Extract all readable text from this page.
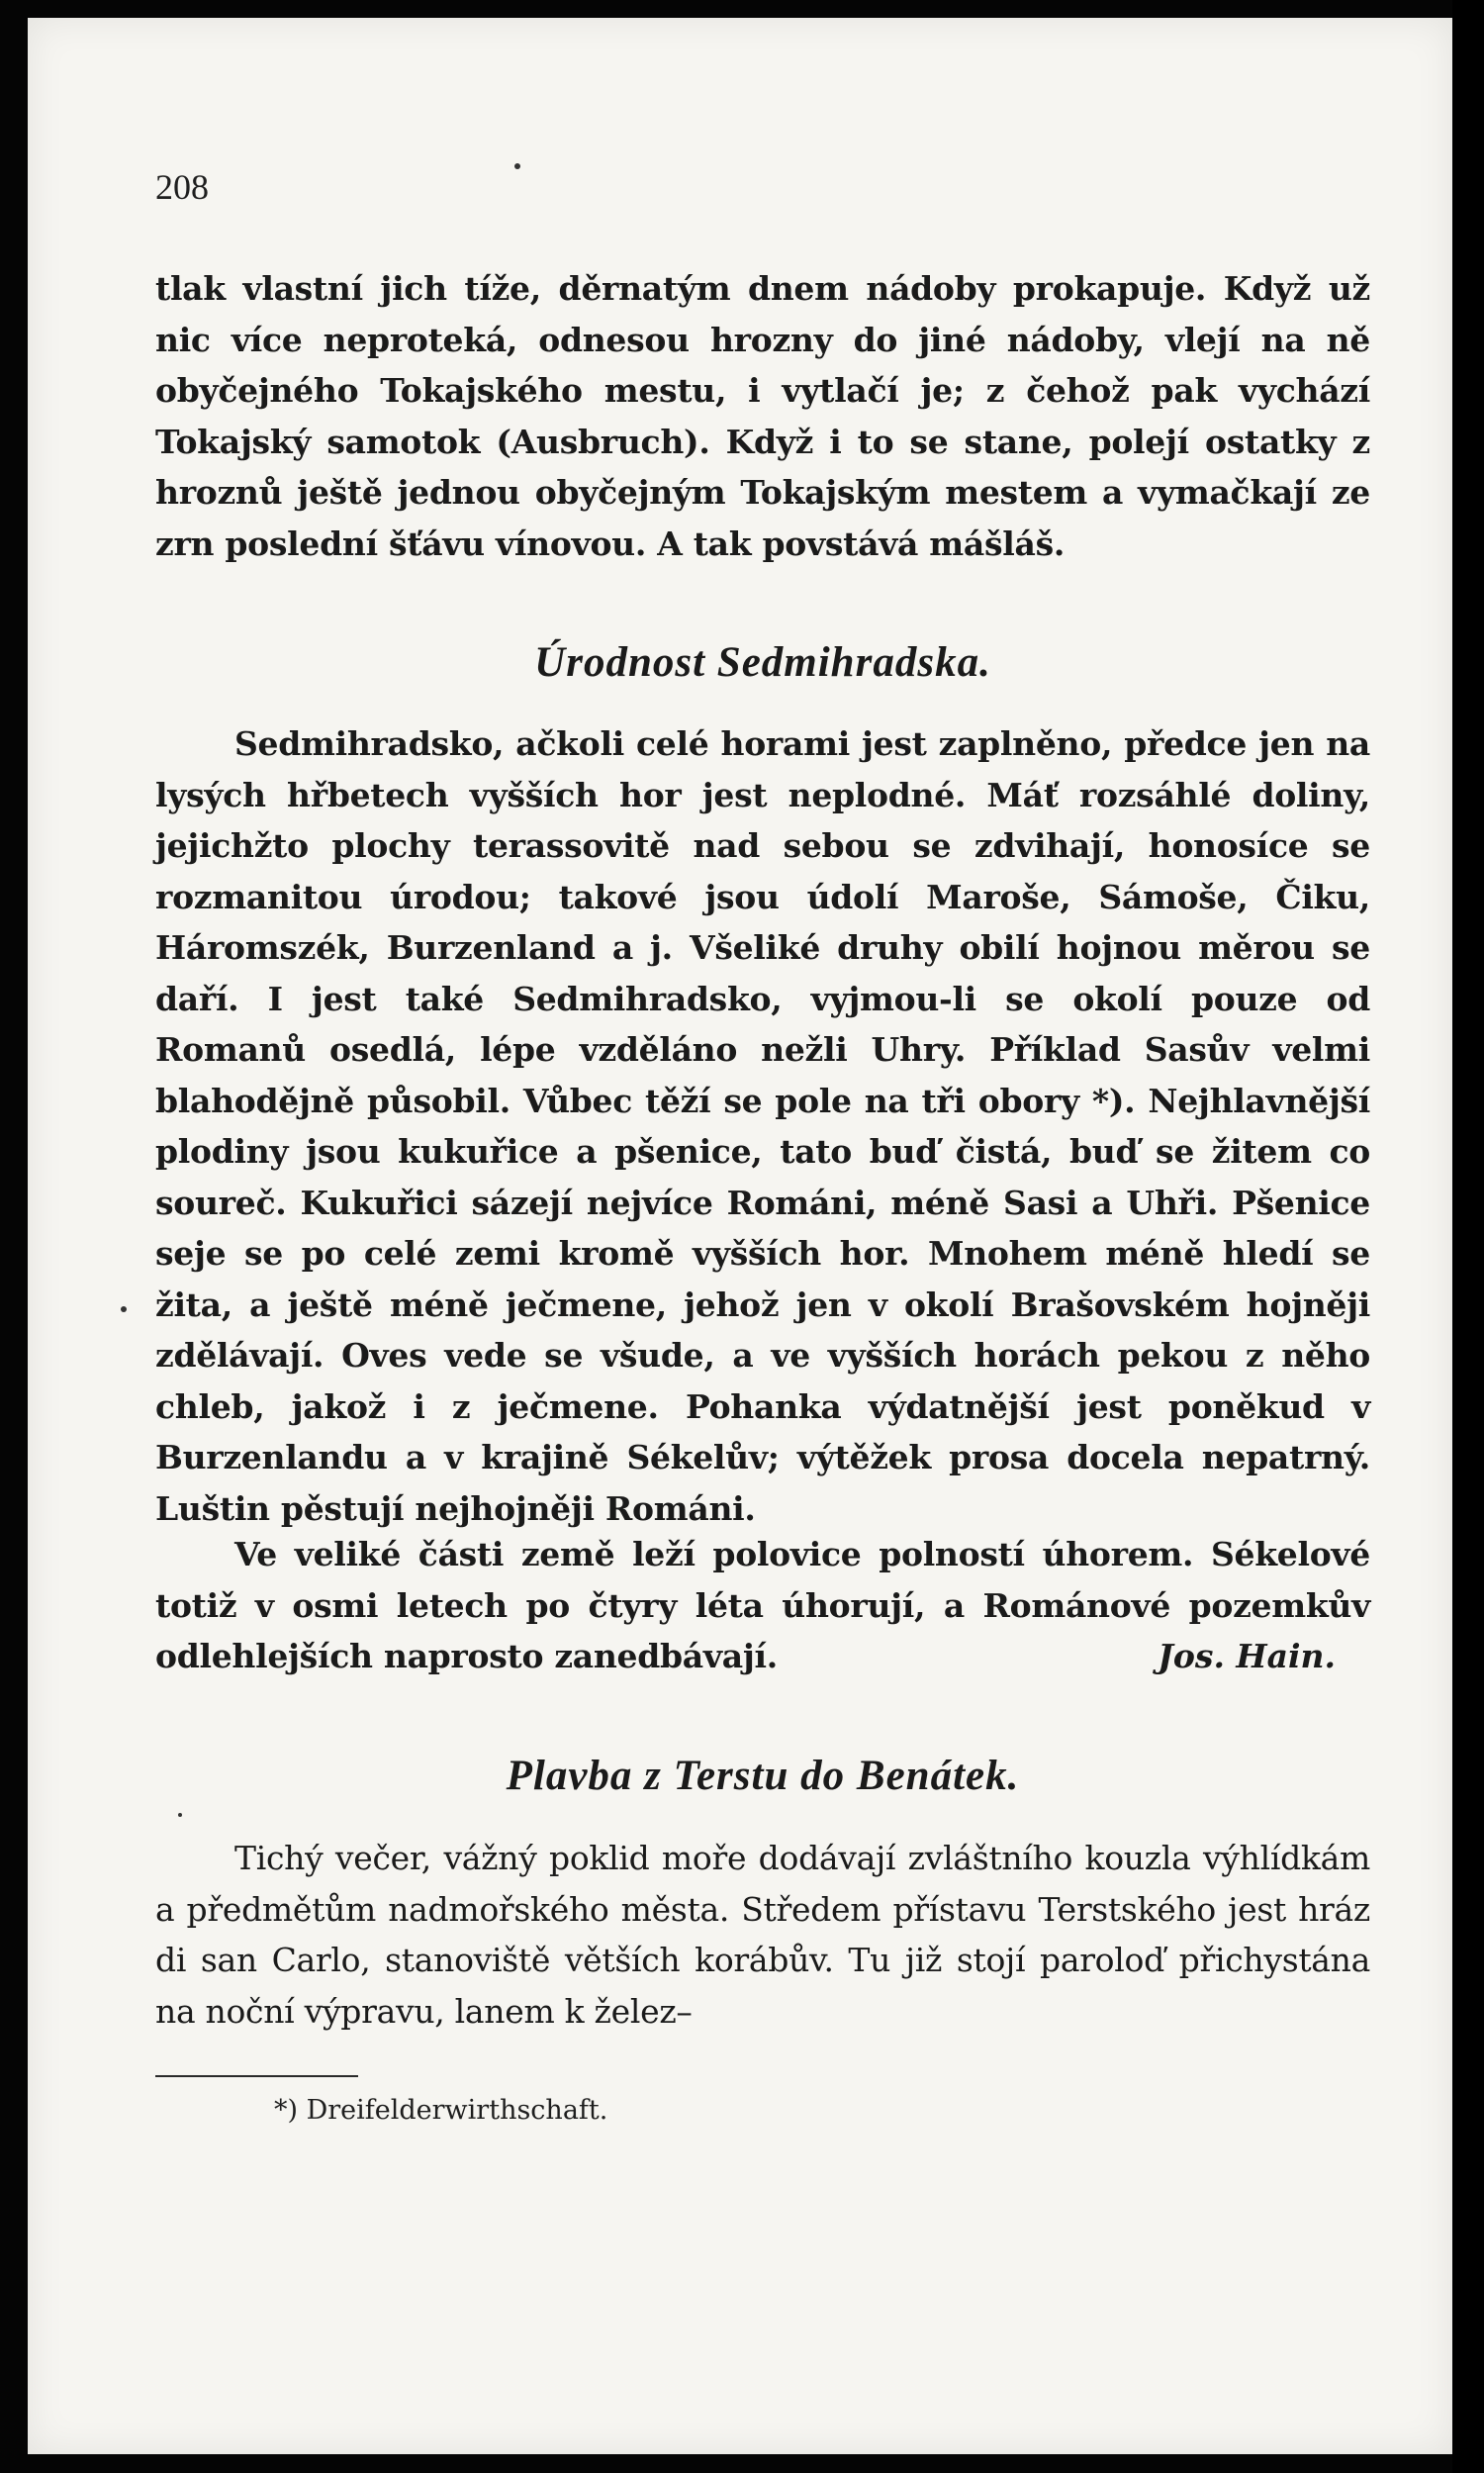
208
tlak vlastní jich tíže, děrnatým dnem nádoby prokapuje. Když už nic více neproteká, odnesou hrozny do jiné nádoby, vlejí na ně obyčejného Tokajského mestu, i vytlačí je; z čehož pak vychází Tokajský samotok (Ausbruch). Když i to se stane, polejí ostatky z hroznů ještě jednou obyčejným Tokajským mestem a vymačkají ze zrn poslední šťávu vínovou. A tak povstává mášláš.
Úrodnost Sedmihradska.
Sedmihradsko, ačkoli celé horami jest zaplněno, předce jen na lysých hřbetech vyšších hor jest neplodné. Máť rozsáhlé doliny, jejichžto plochy terassovitě nad sebou se zdvihají, honosíce se rozmanitou úrodou; takové jsou údolí Maroše, Sámoše, Čiku, Háromszék, Burzenland a j. Všeliké druhy obilí hojnou měrou se daří. I jest také Sedmihradsko, vyjmou-li se okolí pouze od Romanů osedlá, lépe vzděláno nežli Uhry. Příklad Sasův velmi blahodějně působil. Vůbec těží se pole na tři obory *). Nejhlavnější plodiny jsou kukuřice a pšenice, tato buď čistá, buď se žitem co soureč. Kukuřici sázejí nejvíce Románi, méně Sasi a Uhři. Pšenice seje se po celé zemi kromě vyšších hor. Mnohem méně hledí se žita, a ještě méně ječmene, jehož jen v okolí Brašovském hojněji zdělávají. Oves vede se všude, a ve vyšších horách pekou z něho chleb, jakož i z ječmene. Pohanka výdatnější jest poněkud v Burzenlandu a v krajině Sékelův; výtěžek prosa docela nepatrný. Luštin pěstují nejhojněji Románi.
Ve veliké části země leží polovice polností úhorem. Sékelové totiž v osmi letech po čtyry léta úhorují, a Románové pozemkův odlehlejších naprosto zanedbávají.	Jos. Hain.
Plavba z Terstu do Benátek.
Tichý večer, vážný poklid moře dodávají zvláštního kouzla výhlídkám a předmětům nadmořského města. Středem přístavu Terstského jest hráz di san Carlo, stanoviště větších korábův. Tu již stojí paroloď přichystána na noční výpravu, lanem k želez–
*) Dreifelderwirthschaft.
